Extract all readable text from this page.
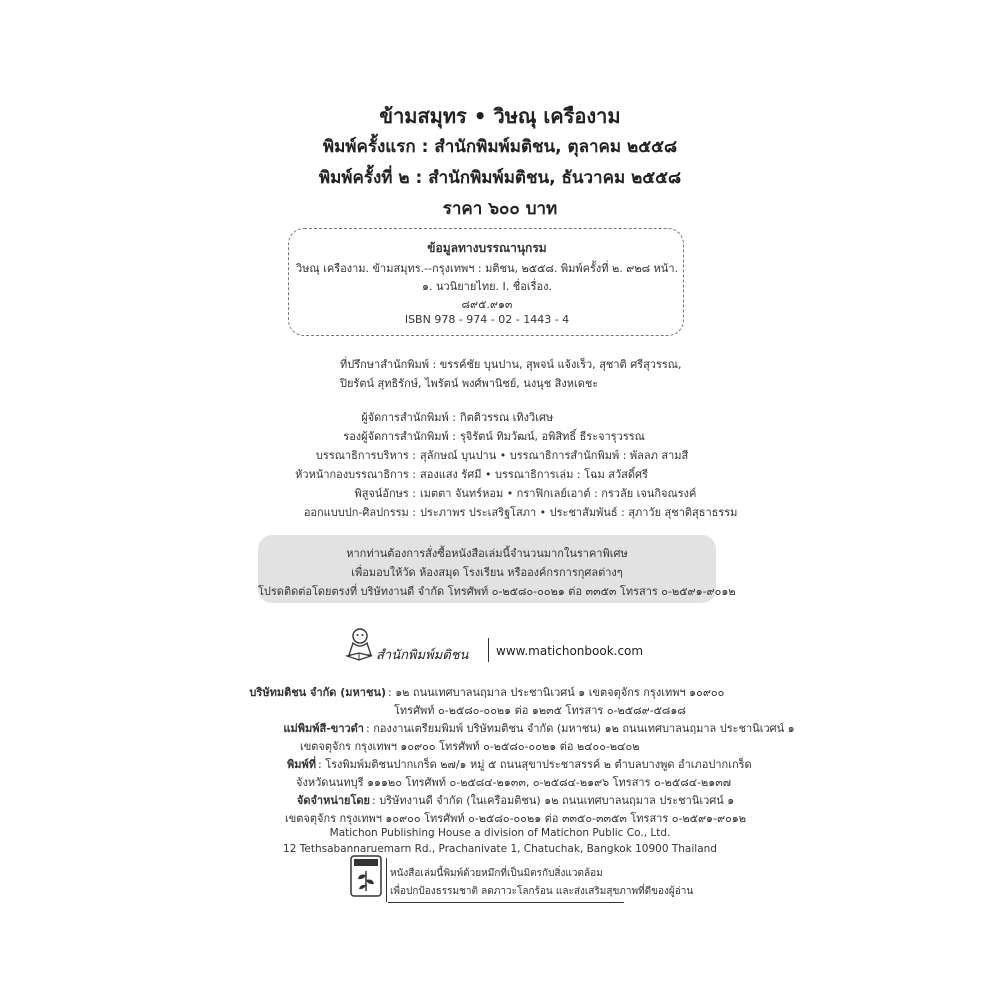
ข้ามสมุทร • วิษณุ เครืองาม
พิมพ์ครั้งแรก : สำนักพิมพ์มติชน, ตุลาคม ๒๕๕๘
พิมพ์ครั้งที่ ๒ : สำนักพิมพ์มติชน, ธันวาคม ๒๕๕๘
ราคา ๖๐๐ บาท
ข้อมูลทางบรรณานุกรม
วิษณุ เครืองาม. ข้ามสมุทร.--กรุงเทพฯ : มติชน, ๒๕๕๘. พิมพ์ครั้งที่ ๒. ๙๒๘ หน้า.
๑. นวนิยายไทย. I. ชื่อเรื่อง.
๘๙๕.๙๑๓
ISBN 978 - 974 - 02 - 1443 - 4
ที่ปรึกษาสำนักพิมพ์ : ขรรค์ชัย บุนปาน, สุพจน์ แจ้งเร็ว, สุชาติ ศรีสุวรรณ,
ปิยรัตน์ สุทธิรักษ์, ไพรัตน์ พงศ์พานิชย์, นงนุช สิงหเดชะ
ผู้จัดการสำนักพิมพ์ : กิตติวรรณ เทิงวิเศษ
รองผู้จัดการสำนักพิมพ์ : รุจิรัตน์ ทิมวัฒน์, อพิสิทธิ์ ธีระจารุวรรณ
บรรณาธิการบริหาร : สุลักษณ์ บุนปาน • บรรณาธิการสำนักพิมพ์ : พัลลภ สามสี
หัวหน้ากองบรรณาธิการ : สองแสง รัศมี • บรรณาธิการเล่ม : โฉม สวัสดิ์ศรี
พิสูจน์อักษร : เมตตา จันทร์หอม • กราฟิกเลย์เอาต์ : กรวลัย เจนกิจณรงค์
ออกแบบปก-ศิลปกรรม : ประภาพร ประเสริฐโสภา • ประชาสัมพันธ์ : สุภาวัย สุชาติสุธาธรรม
หากท่านต้องการสั่งซื้อหนังสือเล่มนี้จำนวนมากในราคาพิเศษ
เพื่อมอบให้วัด ห้องสมุด โรงเรียน หรือองค์กรการกุศลต่างๆ
โปรดติดต่อโดยตรงที่ บริษัทงานดี จำกัด โทรศัพท์ ๐-๒๕๘๐-๐๐๒๑ ต่อ ๓๓๕๓ โทรสาร ๐-๒๕๙๑-๙๐๑๒
สำนักพิมพ์มติชน www.matichonbook.com
บริษัทมติชน จำกัด (มหาชน) : ๑๒ ถนนเทศบาลนฤมาล ประชานิเวศน์ ๑ เขตจตุจักร กรุงเทพฯ ๑๐๙๐๐
โทรศัพท์ ๐-๒๕๘๐-๐๐๒๑ ต่อ ๑๒๓๕ โทรสาร ๐-๒๕๘๙-๕๘๑๘
แม่พิมพ์สี-ขาวดำ : กองงานเตรียมพิมพ์ บริษัทมติชน จำกัด (มหาชน) ๑๒ ถนนเทศบาลนฤมาล ประชานิเวศน์ ๑
เขตจตุจักร กรุงเทพฯ ๑๐๙๐๐ โทรศัพท์ ๐-๒๕๘๐-๐๐๒๑ ต่อ ๒๔๐๐-๒๔๐๒
พิมพ์ที่ : โรงพิมพ์มติชนปากเกร็ด ๒๗/๑ หมู่ ๕ ถนนสุขาประชาสรรค์ ๒ ตำบลบางพูด อำเภอปากเกร็ด
จังหวัดนนทบุรี ๑๑๑๒๐ โทรศัพท์ ๐-๒๕๘๔-๒๑๓๓, ๐-๒๕๘๔-๒๑๙๖ โทรสาร ๐-๒๕๘๔-๒๑๓๗
จัดจำหน่ายโดย : บริษัทงานดี จำกัด (ในเครือมติชน) ๑๒ ถนนเทศบาลนฤมาล ประชานิเวศน์ ๑
เขตจตุจักร กรุงเทพฯ ๑๐๙๐๐ โทรศัพท์ ๐-๒๕๘๐-๐๐๒๑ ต่อ ๓๓๕๐-๓๓๕๓ โทรสาร ๐-๒๕๙๑-๙๐๑๒
Matichon Publishing House a division of Matichon Public Co., Ltd.
12 Tethsabannaruemarn Rd., Prachanivate 1, Chatuchak, Bangkok 10900 Thailand
หนังสือเล่มนี้พิมพ์ด้วยหมึกที่เป็นมิตรกับสิ่งแวดล้อม
เพื่อปกป้องธรรมชาติ ลดภาวะโลกร้อน และส่งเสริมสุขภาพที่ดีของผู้อ่าน
